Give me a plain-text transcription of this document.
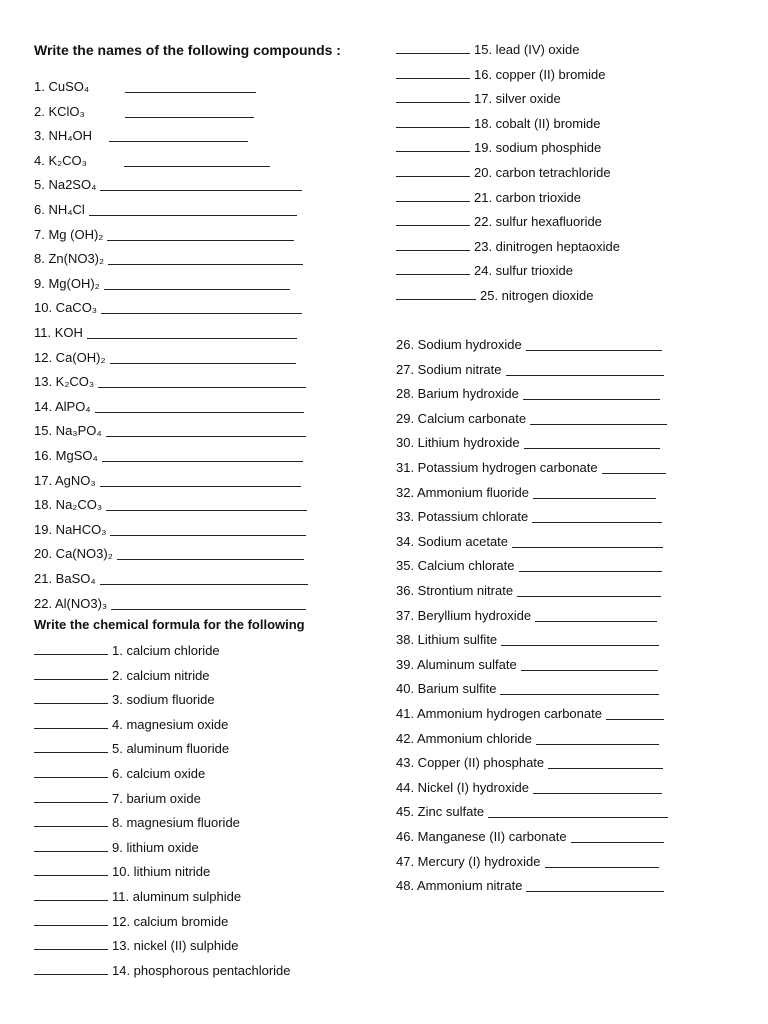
Write the names of the following compounds :
1. CuSO₄
2. KClO₃
3. NH₄OH
4. K₂CO₃
5. Na2SO₄
6. NH₄Cl
7. Mg (OH)₂
8. Zn(NO3)₂
9. Mg(OH)₂
10. CaCO₃
11. KOH
12. Ca(OH)₂
13. K₂CO₃
14. AlPO₄
15. Na₃PO₄
16. MgSO₄
17. AgNO₃
18. Na₂CO₃
19. NaHCO₃
20. Ca(NO3)₂
21. BaSO₄
22. Al(NO3)₃
Write the chemical formula for the following
1. calcium chloride
2. calcium nitride
3. sodium fluoride
4. magnesium oxide
5. aluminum fluoride
6. calcium oxide
7. barium oxide
8. magnesium fluoride
9. lithium oxide
10. lithium nitride
11. aluminum sulphide
12. calcium bromide
13. nickel (II) sulphide
14. phosphorous pentachloride
15. lead (IV) oxide
16. copper (II) bromide
17. silver oxide
18. cobalt (II) bromide
19. sodium phosphide
20. carbon tetrachloride
21. carbon trioxide
22. sulfur hexafluoride
23. dinitrogen heptaoxide
24. sulfur trioxide
25. nitrogen dioxide
26. Sodium hydroxide
27. Sodium nitrate
28. Barium hydroxide
29. Calcium carbonate
30. Lithium hydroxide
31. Potassium hydrogen carbonate
32. Ammonium fluoride
33. Potassium chlorate
34. Sodium acetate
35. Calcium chlorate
36. Strontium nitrate
37. Beryllium hydroxide
38. Lithium sulfite
39. Aluminum sulfate
40. Barium sulfite
41. Ammonium hydrogen carbonate
42. Ammonium chloride
43. Copper (II) phosphate
44. Nickel (I) hydroxide
45. Zinc sulfate
46. Manganese (II) carbonate
47. Mercury (I) hydroxide
48. Ammonium nitrate
